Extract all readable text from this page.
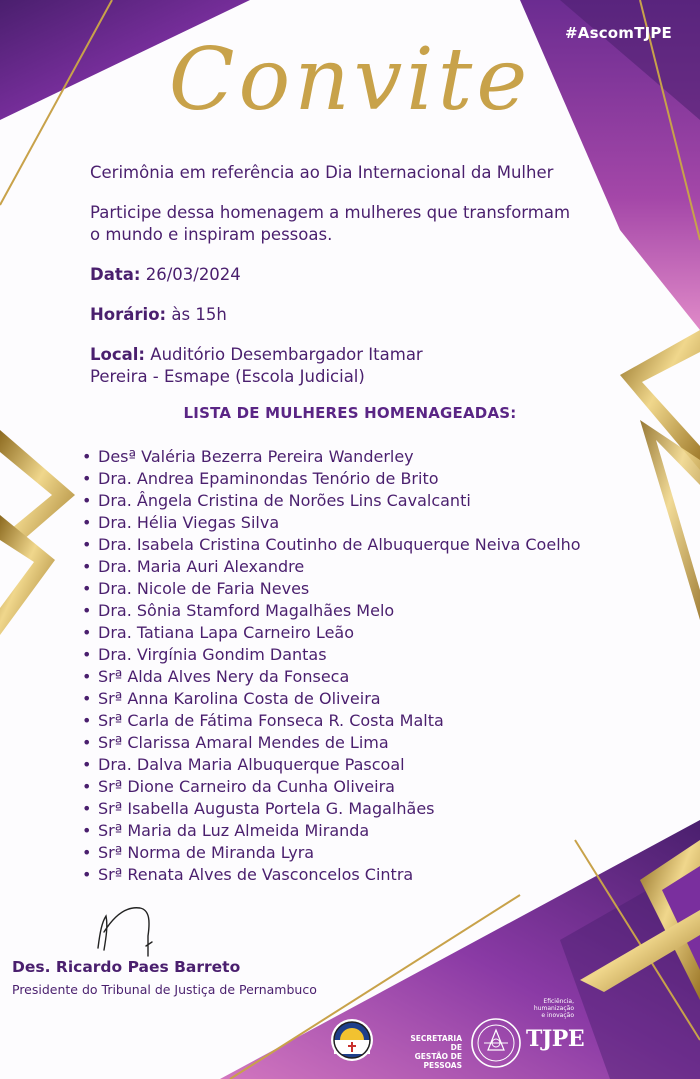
#AscomTJPE
Convite

Cerimônia em referência ao Dia Internacional da Mulher

Participe dessa homenagem a mulheres que transformam
o mundo e inspiram pessoas.

Data: 26/03/2024

Horário: às 15h

Local: Auditório Desembargador Itamar
Pereira - Esmape (Escola Judicial)

LISTA DE MULHERES HOMENAGEADAS:
• Desª Valéria Bezerra Pereira Wanderley
• Dra. Andrea Epaminondas Tenório de Brito
• Dra. Ângela Cristina de Norões Lins Cavalcanti
• Dra. Hélia Viegas Silva
• Dra. Isabela Cristina Coutinho de Albuquerque Neiva Coelho
• Dra. Maria Auri Alexandre
• Dra. Nicole de Faria Neves
• Dra. Sônia Stamford Magalhães Melo
• Dra. Tatiana Lapa Carneiro Leão
• Dra. Virgínia Gondim Dantas
• Srª Alda Alves Nery da Fonseca
• Srª Anna Karolina Costa de Oliveira
• Srª Carla de Fátima Fonseca R. Costa Malta
• Srª Clarissa Amaral Mendes de Lima
• Dra. Dalva Maria Albuquerque Pascoal
• Srª Dione Carneiro da Cunha Oliveira
• Srª Isabella Augusta Portela G. Magalhães
• Srª Maria da Luz Almeida Miranda
• Srª Norma de Miranda Lyra
• Srª Renata Alves de Vasconcelos Cintra
Des. Ricardo Paes Barreto
Presidente do Tribunal de Justiça de Pernambuco
SECRETARIA DE
GESTÃO DE PESSOAS
Eficiência, humanização
e inovação
TJPE
